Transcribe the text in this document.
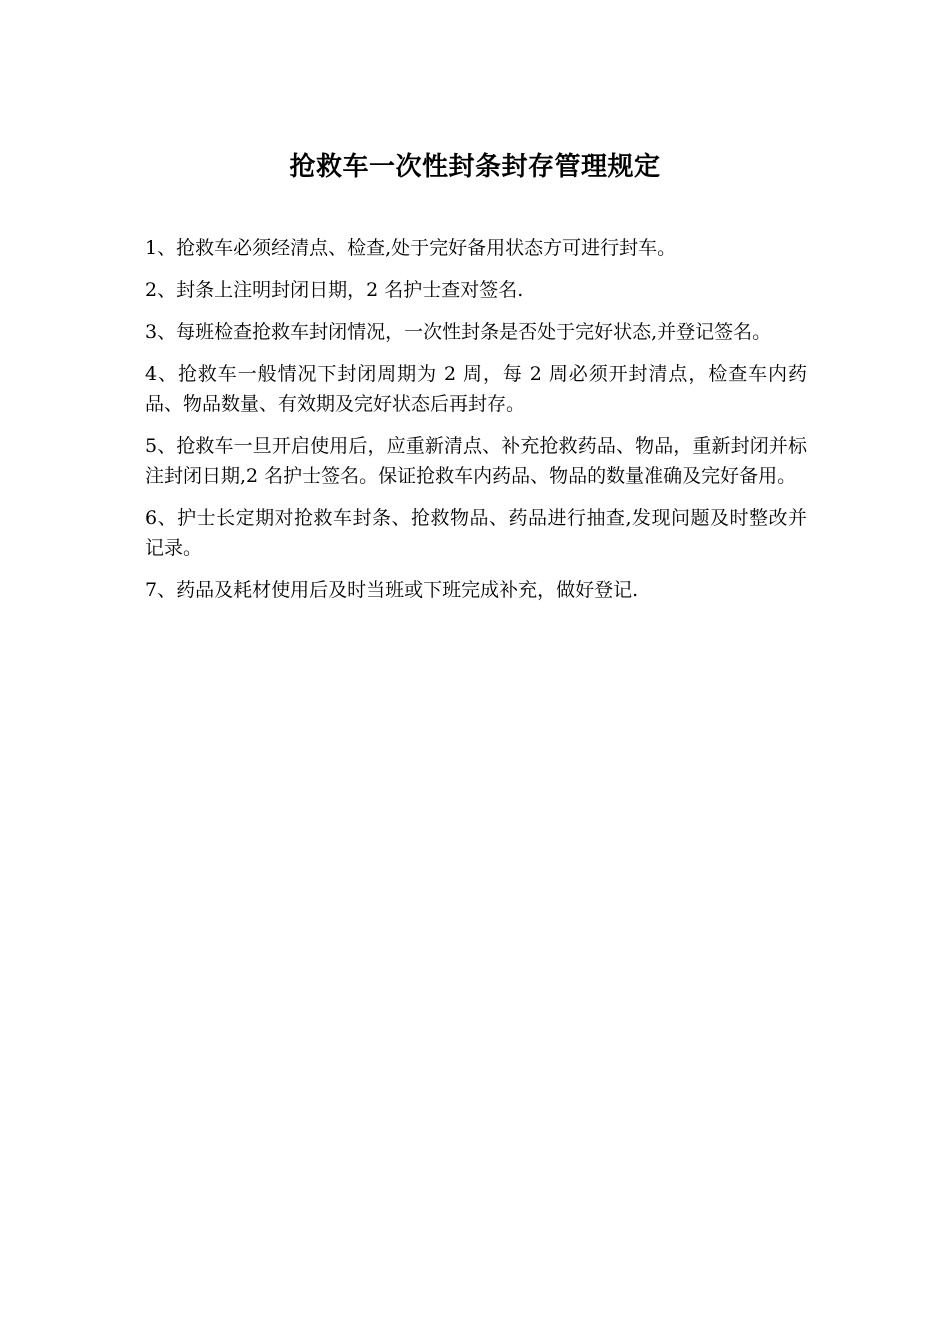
抢救车一次性封条封存管理规定
1、抢救车必须经清点、检查,处于完好备用状态方可进行封车。
2、封条上注明封闭日期，2 名护士查对签名.
3、每班检查抢救车封闭情况，一次性封条是否处于完好状态,并登记签名。
4、抢救车一般情况下封闭周期为 2 周，每 2 周必须开封清点，检查车内药品、物品数量、有效期及完好状态后再封存。
5、抢救车一旦开启使用后，应重新清点、补充抢救药品、物品，重新封闭并标注封闭日期,2 名护士签名。保证抢救车内药品、物品的数量准确及完好备用。
6、护士长定期对抢救车封条、抢救物品、药品进行抽查,发现问题及时整改并记录。
7、药品及耗材使用后及时当班或下班完成补充，做好登记.
